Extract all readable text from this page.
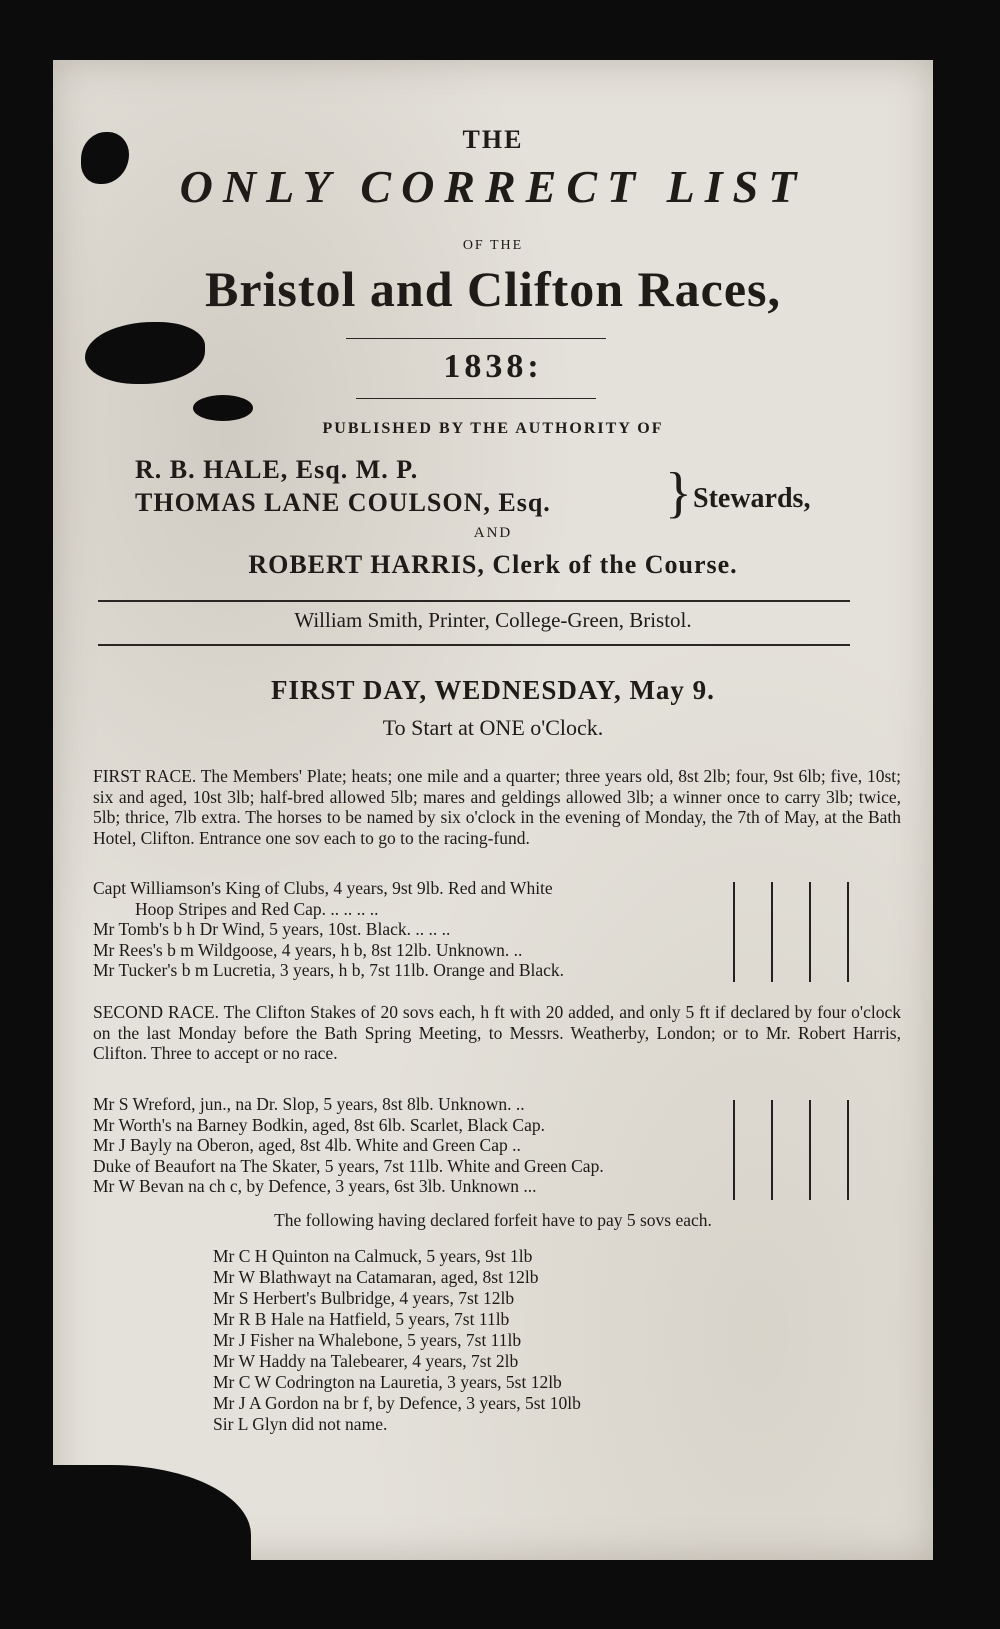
THE
ONLY CORRECT LIST
OF THE
Bristol and Clifton Races,
1838:
PUBLISHED BY THE AUTHORITY OF
R. B. HALE, Esq. M. P.
THOMAS LANE COULSON, Esq. } Stewards,
AND
ROBERT HARRIS, Clerk of the Course.
William Smith, Printer, College-Green, Bristol.
FIRST DAY, WEDNESDAY, May 9.
To Start at ONE o'Clock.
FIRST RACE. The Members' Plate; heats; one mile and a quarter; three years old, 8st 2lb; four, 9st 6lb; five, 10st; six and aged, 10st 3lb; half-bred allowed 5lb; mares and geldings allowed 3lb; a winner once to carry 3lb; twice, 5lb; thrice, 7lb extra. The horses to be named by six o'clock in the evening of Monday, the 7th of May, at the Bath Hotel, Clifton. Entrance one sov each to go to the racing-fund.
Capt Williamson's King of Clubs, 4 years, 9st 9lb. Red and White
Hoop Stripes and Red Cap. .. .. .. ..
Mr Tomb's b h Dr Wind, 5 years, 10st. Black. .. .. ..
Mr Rees's b m Wildgoose, 4 years, h b, 8st 12lb. Unknown. ..
Mr Tucker's b m Lucretia, 3 years, h b, 7st 11lb. Orange and Black.
SECOND RACE. The Clifton Stakes of 20 sovs each, h ft with 20 added, and only 5 ft if declared by four o'clock on the last Monday before the Bath Spring Meeting, to Messrs. Weatherby, London; or to Mr. Robert Harris, Clifton. Three to accept or no race.
Mr S Wreford, jun., na Dr. Slop, 5 years, 8st 8lb. Unknown. ..
Mr Worth's na Barney Bodkin, aged, 8st 6lb. Scarlet, Black Cap.
Mr J Bayly na Oberon, aged, 8st 4lb. White and Green Cap ..
Duke of Beaufort na The Skater, 5 years, 7st 11lb. White and Green Cap.
Mr W Bevan na ch c, by Defence, 3 years, 6st 3lb. Unknown ...
The following having declared forfeit have to pay 5 sovs each.
Mr C H Quinton na Calmuck, 5 years, 9st 1lb
Mr W Blathwayt na Catamaran, aged, 8st 12lb
Mr S Herbert's Bulbridge, 4 years, 7st 12lb
Mr R B Hale na Hatfield, 5 years, 7st 11lb
Mr J Fisher na Whalebone, 5 years, 7st 11lb
Mr W Haddy na Talebearer, 4 years, 7st 2lb
Mr C W Codrington na Lauretia, 3 years, 5st 12lb
Mr J A Gordon na br f, by Defence, 3 years, 5st 10lb
Sir L Glyn did not name.
